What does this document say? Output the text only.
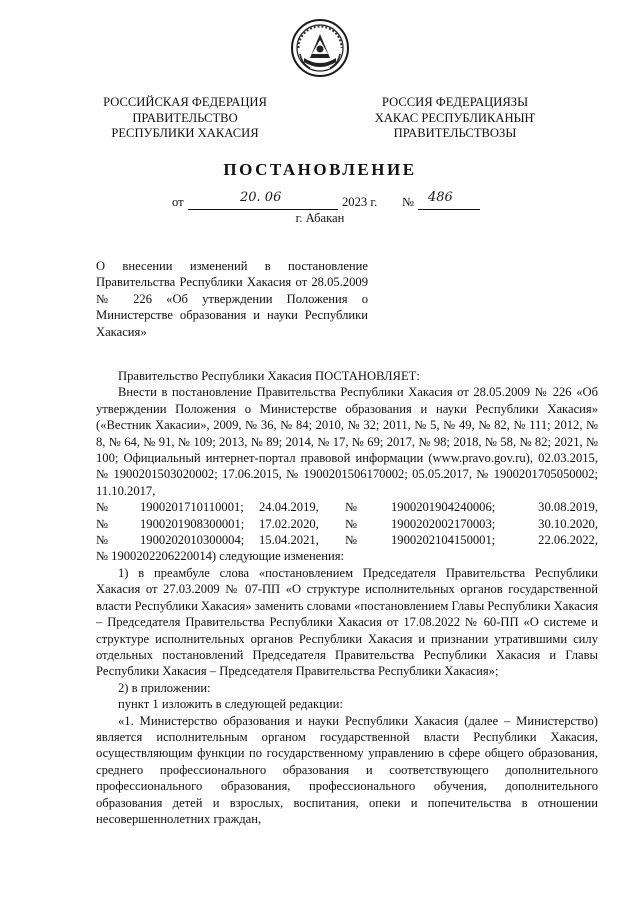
РОССИЙСКАЯ ФЕДЕРАЦИЯ
ПРАВИТЕЛЬСТВО
РЕСПУБЛИКИ ХАКАСИЯ
РОССИЯ ФЕДЕРАЦИЯЗЫ
ХАКАС РЕСПУБЛИКАНЫҤ
ПРАВИТЕЛЬСТВОЗЫ
ПОСТАНОВЛЕНИЕ
от	20. 06	2023 г. № 486
г. Абакан
О внесении изменений в постановление Правительства Республики Хакасия от 28.05.2009 № 226 «Об утверждении Положения о Министерстве образования и науки Республики Хакасия»

Правительство Республики Хакасия ПОСТАНОВЛЯЕТ:

Внести в постановление Правительства Республики Хакасия от 28.05.2009 № 226 «Об утверждении Положения о Министерстве образования и науки Республики Хакасия» («Вестник Хакасии», 2009, № 36, № 84; 2010, № 32; 2011, № 5, № 49, № 82, № 111; 2012, № 8, № 64, № 91, № 109; 2013, № 89; 2014, № 17, № 69; 2017, № 98; 2018, № 58, № 82; 2021, № 100; Официальный интернет-портал правовой информации (www.pravo.gov.ru), 02.03.2015, № 1900201503020002; 17.06.2015, № 1900201506170002; 05.05.2017, № 1900201705050002; 11.10.2017,

№	1900201710110001;	24.04.2019,	№	1900201904240006;	30.08.2019,
№	1900201908300001;	17.02.2020,	№	1900202002170003;	30.10.2020,
№	1900202010300004;	15.04.2021,	№	1900202104150001;	22.06.2022,

№ 1900202206220014) следующие изменения:

1) в преамбуле слова «постановлением Председателя Правительства Республики Хакасия от 27.03.2009 № 07-ПП «О структуре исполнительных органов государственной власти Республики Хакасия» заменить словами «постановлением Главы Республики Хакасия – Председателя Правительства Республики Хакасия от 17.08.2022 № 60-ПП «О системе и структуре исполнительных органов Республики Хакасия и признании утратившими силу отдельных постановлений Председателя Правительства Республики Хакасия и Главы Республики Хакасия – Председателя Правительства Республики Хакасия»;

2) в приложении:

пункт 1 изложить в следующей редакции:

«1. Министерство образования и науки Республики Хакасия (далее – Министерство) является исполнительным органом государственной власти Республики Хакасия, осуществляющим функции по государственному управлению в сфере общего образования, среднего профессионального образования и соответствующего дополнительного профессионального образования, профессионального обучения, дополнительного образования детей и взрослых, воспитания, опеки и попечительства в отношении несовершеннолетних граждан,
